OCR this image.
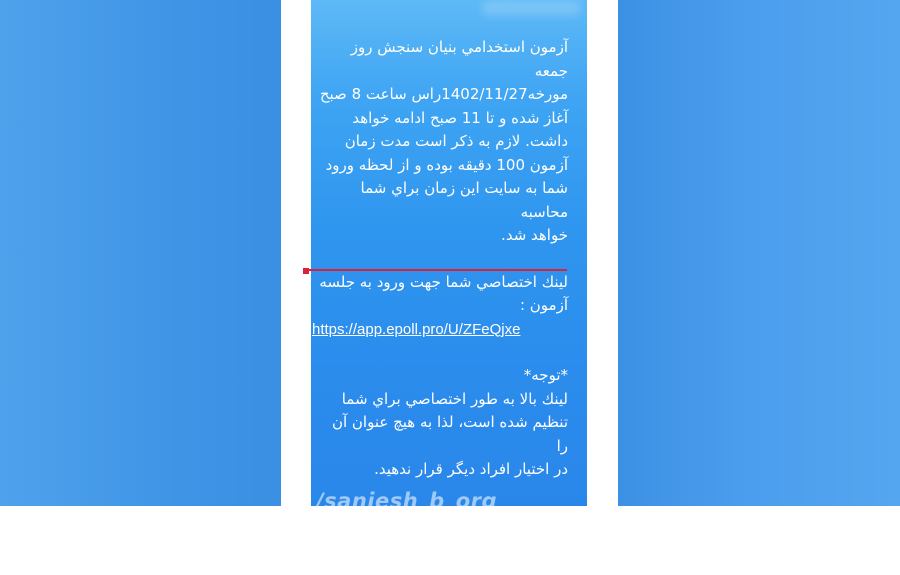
آزمون استخدامي بنيان سنجش روز جمعه
مورخه1402/11/27راس ساعت 8 صبح
آغاز شده و تا 11 صبح ادامه خواهد
داشت. لازم به ذکر است مدت زمان
آزمون 100 دقيقه بوده و از لحظه ورود
شما به سايت اين زمان براي شما محاسبه
خواهد شد.

لينك اختصاصي شما جهت ورود به جلسه
آزمون :

https://app.epoll.pro/U/ZFeQjxe

*توجه*

لينك بالا به طور اختصاصي براي شما
تنظيم شده است، لذا به هيچ عنوان آن را
در اختيار افراد ديگر قرار ندهيد.

واحد استخدام موسسه بنيان سنجش
ايرانيان
لغو11

/sanjesh_b_org
